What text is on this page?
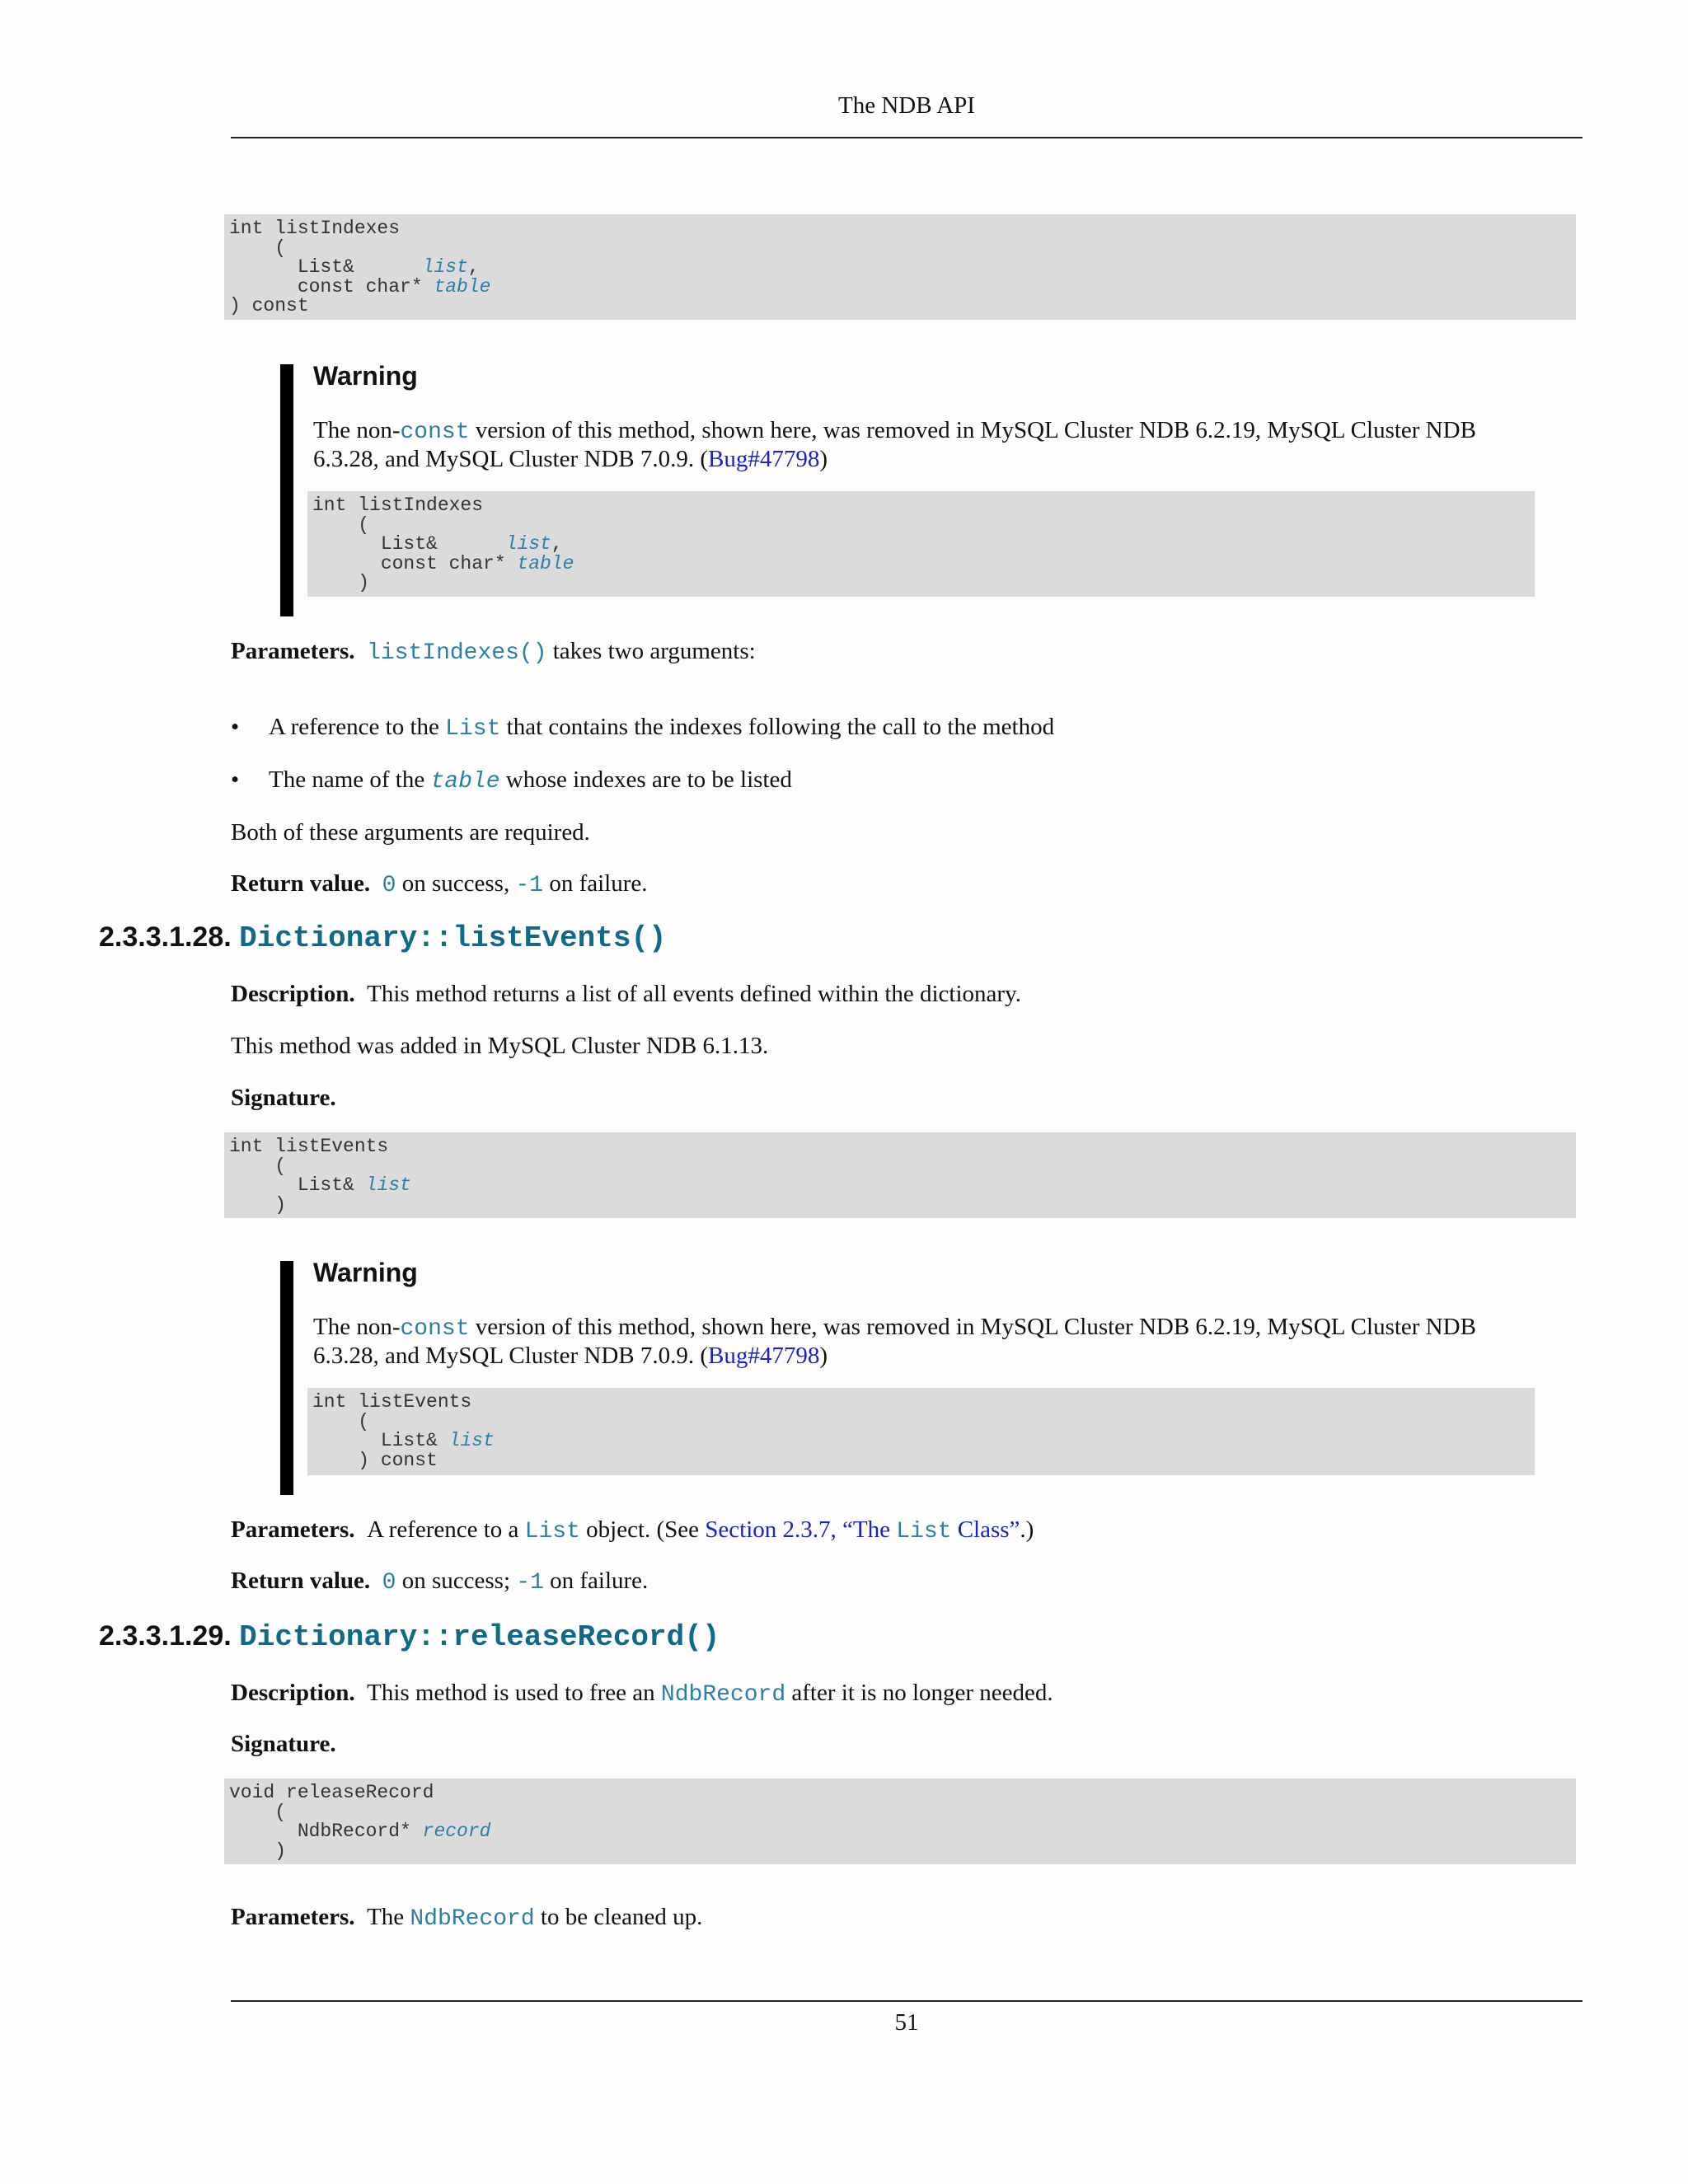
The NDB API
int listIndexes
(
List&      list,
const char* table
) const
Warning
The non-const version of this method, shown here, was removed in MySQL Cluster NDB 6.2.19, MySQL Cluster NDB 6.3.28, and MySQL Cluster NDB 7.0.9. (Bug#47798)
int listIndexes
(
List&      list,
const char* table
)
Parameters. listIndexes() takes two arguments:
• A reference to the List that contains the indexes following the call to the method
• The name of the table whose indexes are to be listed
Both of these arguments are required.
Return value. 0 on success, -1 on failure.
2.3.3.1.28. Dictionary::listEvents()
Description. This method returns a list of all events defined within the dictionary.
This method was added in MySQL Cluster NDB 6.1.13.
Signature.
int listEvents
(
List& list
)
Warning
The non-const version of this method, shown here, was removed in MySQL Cluster NDB 6.2.19, MySQL Cluster NDB 6.3.28, and MySQL Cluster NDB 7.0.9. (Bug#47798)
int listEvents
(
List& list
) const
Parameters. A reference to a List object. (See Section 2.3.7, “The List Class”.)
Return value. 0 on success; -1 on failure.
2.3.3.1.29. Dictionary::releaseRecord()
Description. This method is used to free an NdbRecord after it is no longer needed.
Signature.
void releaseRecord
(
NdbRecord* record
)
Parameters. The NdbRecord to be cleaned up.
51
